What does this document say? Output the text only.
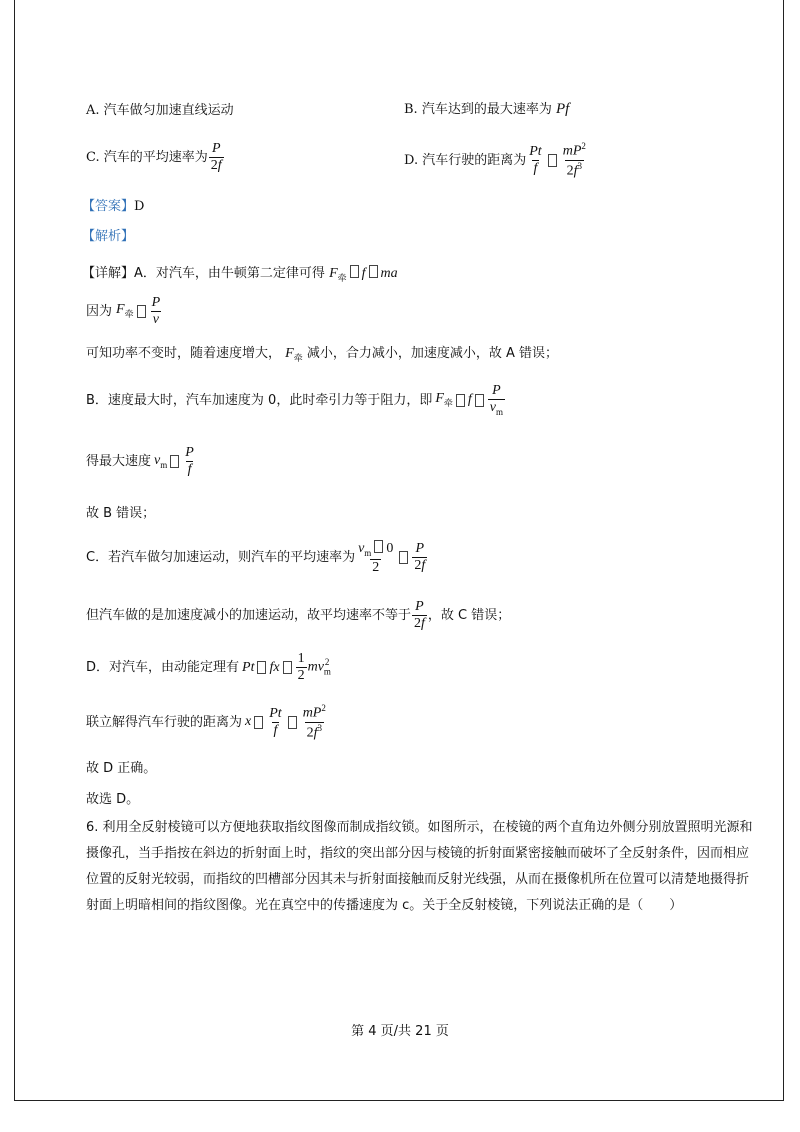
A. 汽车做匀加速直线运动	B. 汽车达到的最大速率为 Pf
C.
汽车的平均速率为 $\frac{P}{2f}$	D.
汽车行驶的距离为 $\frac{Pt}{f} \frac{mP^2}{2f^3}$
【答案】D
【解析】
【详解】A．对汽车，由牛顿第二定律可得 $F_牵$ f ma
因为 $F_牵 \frac{P}{v}$
可知功率不变时，随着速度增大， $F_牵$ 减小，合力减小，加速度减小，故 A 错误；
B．速度最大时，汽车加速度为 0，此时牵引力等于阻力，即 $F_牵$ f $\frac{P}{v_m}$
得最大速度 $v_m \frac{P}{f}$
故 B 错误；
C．若汽车做匀加速运动，则汽车的平均速率为 $\frac{v_m 0}{2} \frac{P}{2f}$
但汽车做的是加速度减小的加速运动，故平均速率不等于 $\frac{P}{2f}$ ，故 C 错误；
D．对汽车，由动能定理有 Pt fx $\frac{1}{2} mv_m^2$
联立解得汽车行驶的距离为 x $\frac{Pt}{f} \frac{mP^2}{2f^3}$
故 D 正确。
故选 D。
6. 利用全反射棱镜可以方便地获取指纹图像而制成指纹锁。如图所示，在棱镜的两个直角边外侧分别放置照明光源和摄像孔，当手指按在斜边的折射面上时，指纹的突出部分因与棱镜的折射面紧密接触而破坏了全反射条件，因而相应位置的反射光较弱，而指纹的凹槽部分因其未与折射面接触而反射光线强，从而在摄像机所在位置可以清楚地摄得折射面上明暗相间的指纹图像。光在真空中的传播速度为 c。关于全反射棱镜，下列说法正确的是（　　）
第 4 页/共 21 页
